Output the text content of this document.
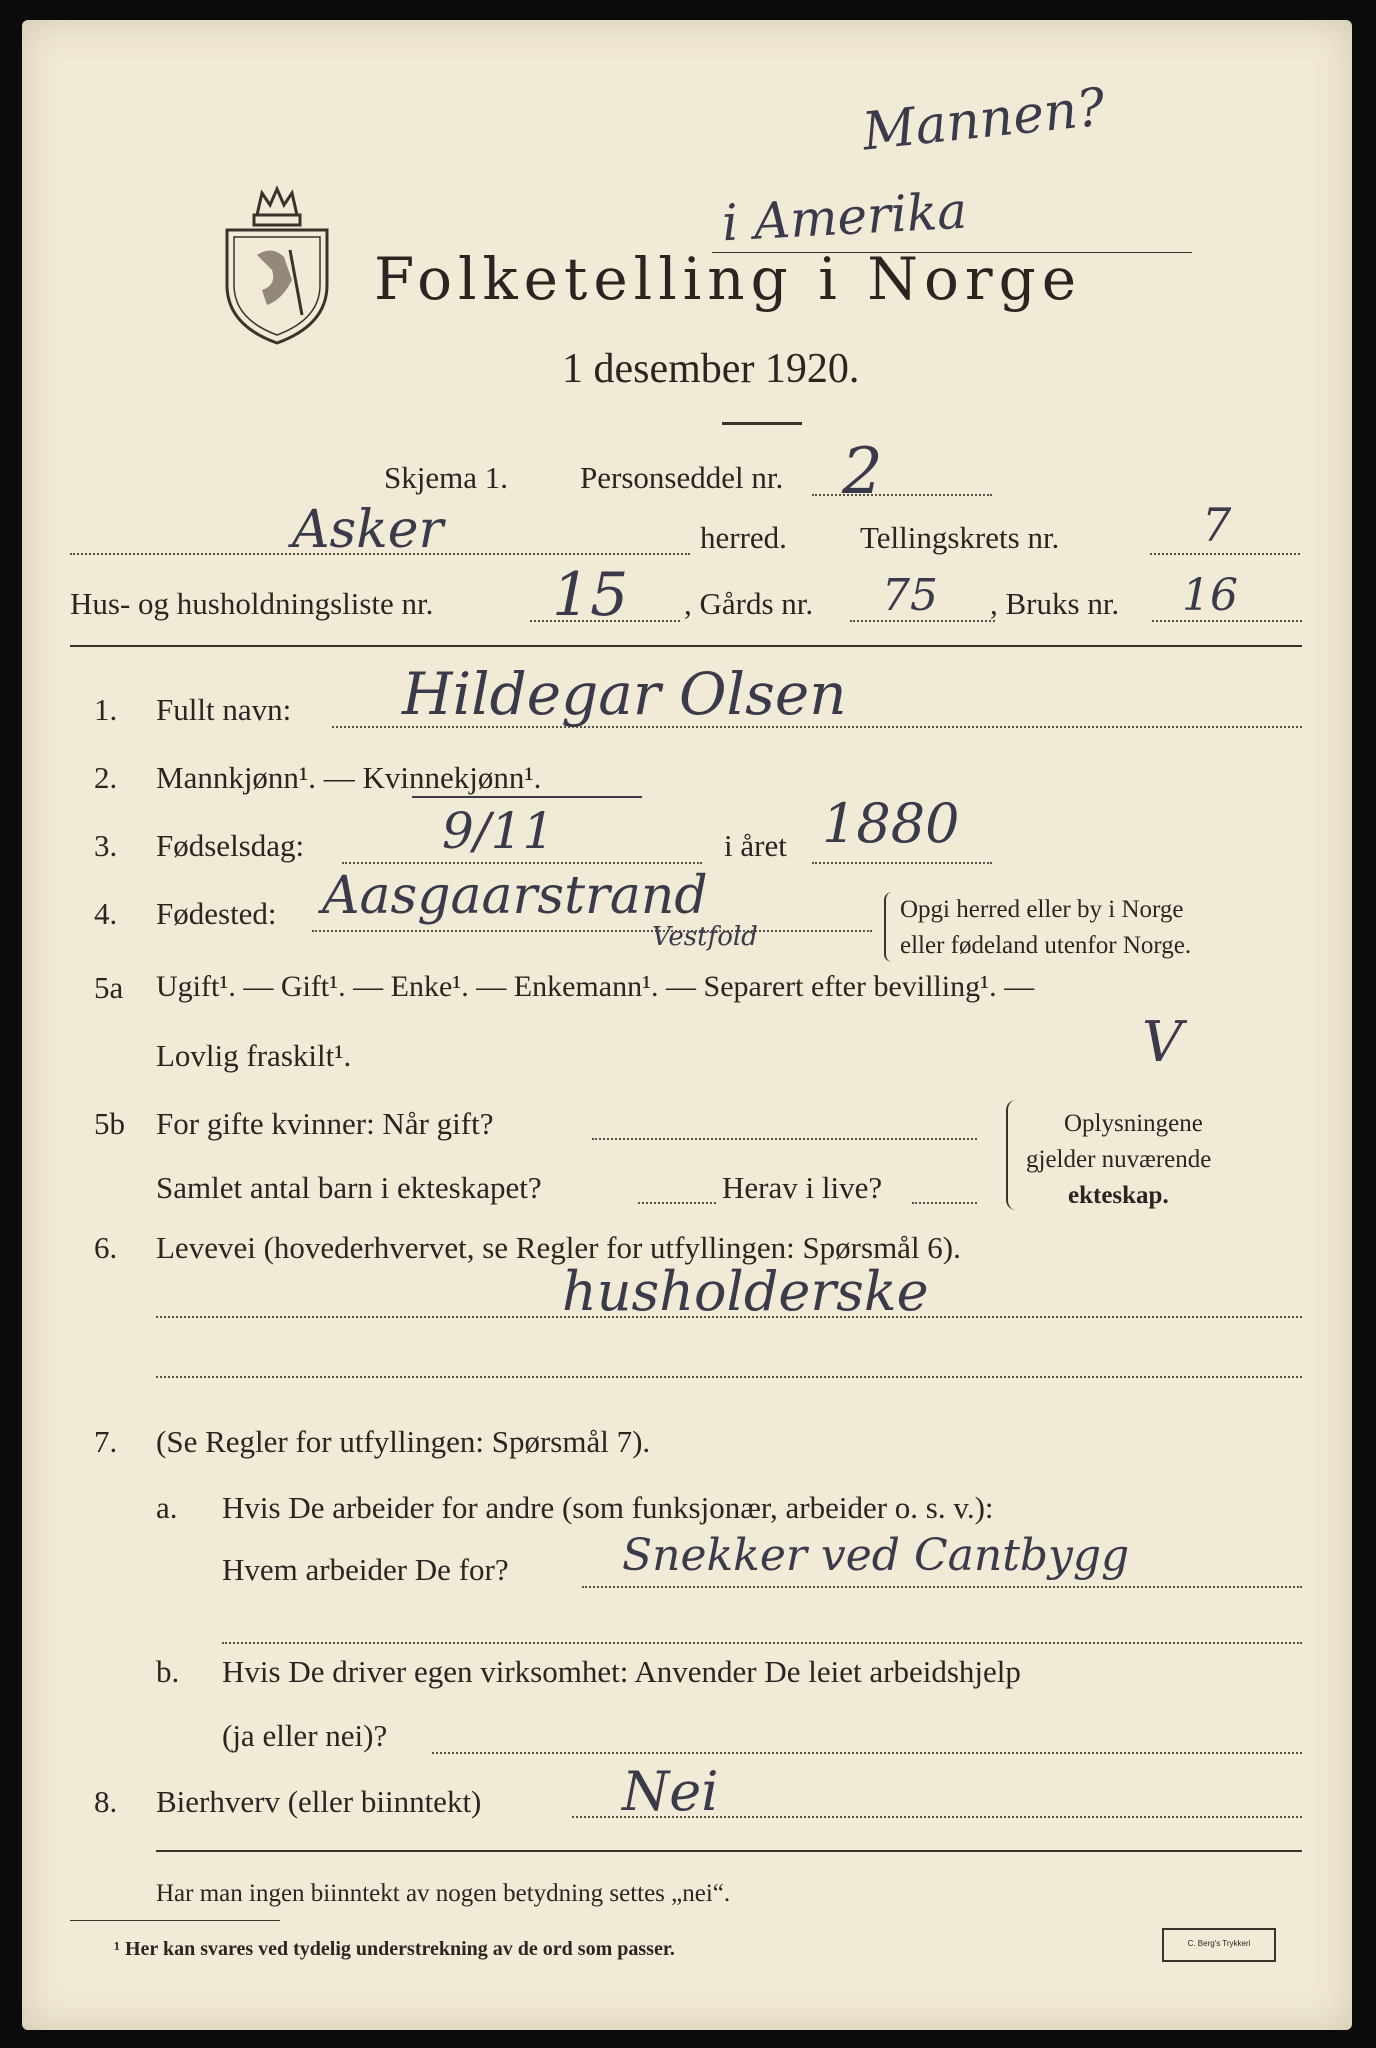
Folketelling i Norge
1 desember 1920.
Mannen?
i Amerika
Skjema 1. Personseddel nr. 2
Asker	herred. Tellingskrets nr.	7
Hus- og husholdningsliste nr. 15 , Gårds nr. 75 , Bruks nr. 16
1. Fullt navn: Hildegar Olsen
2. Mannkjønn¹. — Kvinnekjønn¹.
3. Fødselsdag:	9/11	i året 1880
4. Fødested: Aasgaarstrand
Vestfold
Opgi herred eller by i Norge
eller fødeland utenfor Norge.
5a Ugift¹. — Gift¹. — Enke¹. — Enkemann¹. — Separert efter bevilling¹. —
Lovlig fraskilt¹.	V
5b For gifte kvinner: Når gift?
Samlet antal barn i ekteskapet?	Herav i live?
Oplysningene
gjelder nuværende
ekteskap.
6. Levevei (hovederhvervet, se Regler for utfyllingen: Spørsmål 6).
husholderske
7. (Se Regler for utfyllingen: Spørsmål 7).
a. Hvis De arbeider for andre (som funksjonær, arbeider o. s. v.):
Hvem arbeider De for?	Snekker ved Cantbygg
b. Hvis De driver egen virksomhet: Anvender De leiet arbeidshjelp
(ja eller nei)?
8. Bierhverv (eller biinntekt)	Nei
Har man ingen biinntekt av nogen betydning settes „nei“.
¹ Her kan svares ved tydelig understrekning av de ord som passer.	C. Berg's Trykkeri
